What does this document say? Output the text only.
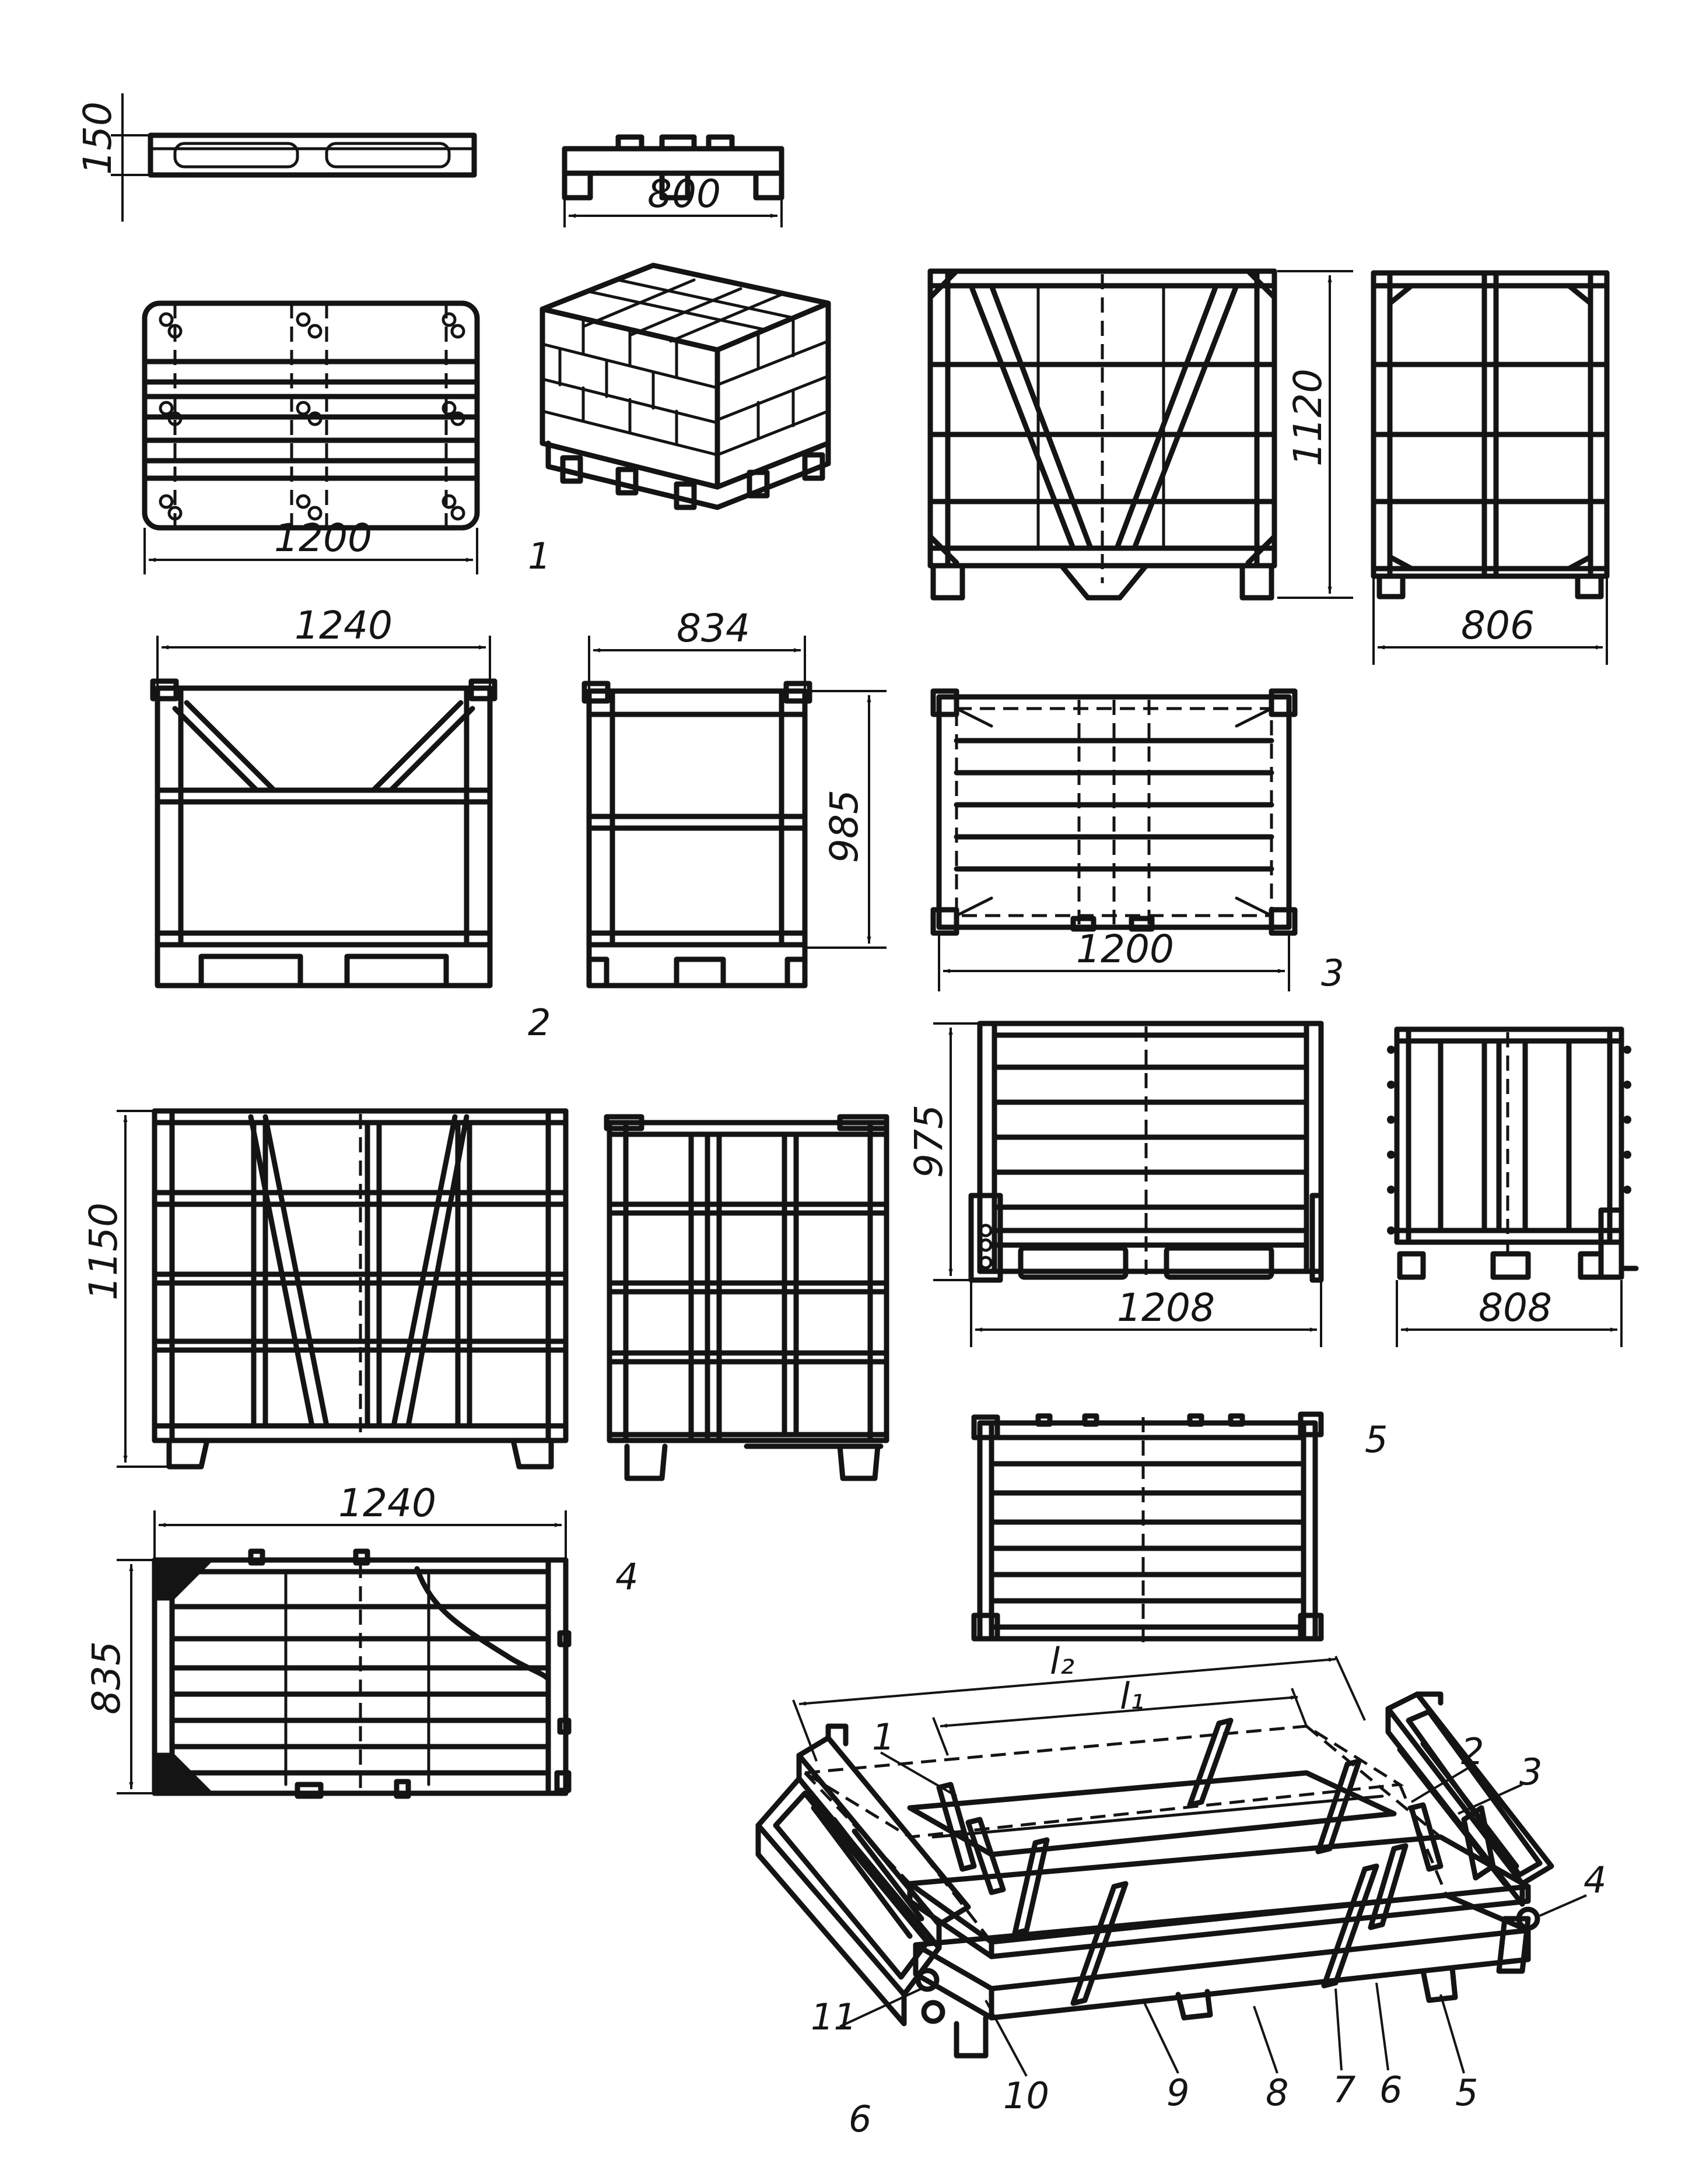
150
800
1200	1
1240	834
985
2
1120
806
1200
3
1150
1240
835
4
975
1208	808
5
l₂
l₁
1	2 3
4
5
6
7
8
9
10
11
6
